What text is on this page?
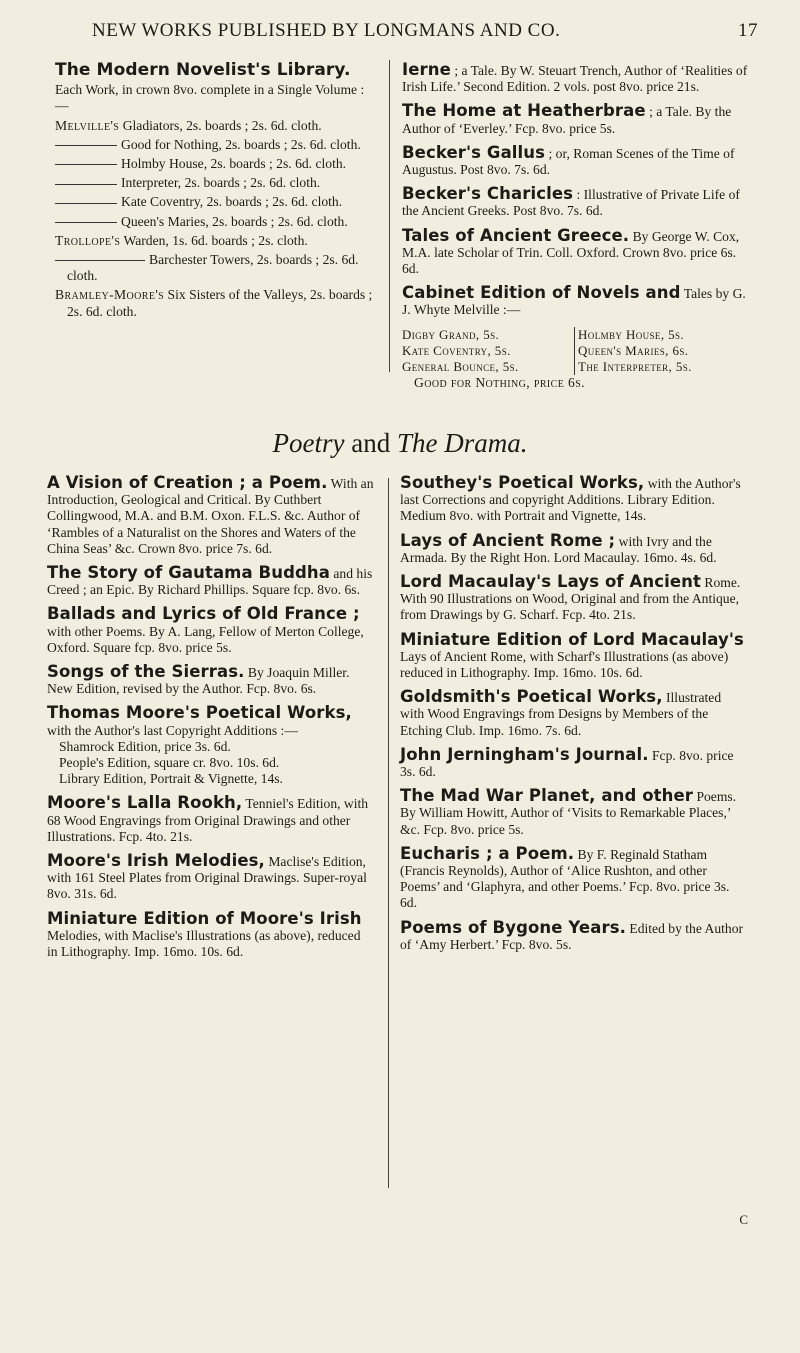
NEW WORKS PUBLISHED BY LONGMANS AND CO.	17

The Modern Novelist's Library.

Each Work, in crown 8vo. complete in a Single Volume :—

Melville's Gladiators, 2s. boards ; 2s. 6d. cloth.

Good for Nothing, 2s. boards ; 2s. 6d. cloth.

Holmby House, 2s. boards ; 2s. 6d. cloth.

Interpreter, 2s. boards ; 2s. 6d. cloth.

Kate Coventry, 2s. boards ; 2s. 6d. cloth.

Queen's Maries, 2s. boards ; 2s. 6d. cloth.

Trollope's Warden, 1s. 6d. boards ; 2s. cloth.

Barchester Towers, 2s. boards ; 2s. 6d. cloth.

Bramley-Moore's Six Sisters of the Valleys, 2s. boards ; 2s. 6d. cloth.

Ierne ; a Tale. By W. Steuart Trench, Author of ‘Realities of Irish Life.’ Second Edition. 2 vols. post 8vo. price 21s.

The Home at Heatherbrae ; a Tale. By the Author of ‘Everley.’ Fcp. 8vo. price 5s.

Becker's Gallus ; or, Roman Scenes of the Time of Augustus. Post 8vo. 7s. 6d.

Becker's Charicles : Illustrative of Private Life of the Ancient Greeks. Post 8vo. 7s. 6d.

Tales of Ancient Greece. By George W. Cox, M.A. late Scholar of Trin. Coll. Oxford. Crown 8vo. price 6s. 6d.

Cabinet Edition of Novels and Tales by G. J. Whyte Melville :—

Digby Grand, 5s.	Holmby House, 5s.
Kate Coventry, 5s.	Queen's Maries, 6s.
General Bounce, 5s.	The Interpreter, 5s.
Good for Nothing, price 6s.
Poetry and The Drama.

A Vision of Creation ; a Poem. With an Introduction, Geological and Critical. By Cuthbert Collingwood, M.A. and B.M. Oxon. F.L.S. &c. Author of ‘Rambles of a Naturalist on the Shores and Waters of the China Seas’ &c. Crown 8vo. price 7s. 6d.

The Story of Gautama Buddha and his Creed ; an Epic. By Richard Phillips. Square fcp. 8vo. 6s.

Ballads and Lyrics of Old France ; with other Poems. By A. Lang, Fellow of Merton College, Oxford. Square fcp. 8vo. price 5s.

Songs of the Sierras. By Joaquin Miller. New Edition, revised by the Author. Fcp. 8vo. 6s.

Thomas Moore's Poetical Works, with the Author's last Copyright Additions :—
Shamrock Edition, price 3s. 6d.
People's Edition, square cr. 8vo. 10s. 6d.
Library Edition, Portrait & Vignette, 14s.

Moore's Lalla Rookh, Tenniel's Edition, with 68 Wood Engravings from Original Drawings and other Illustrations. Fcp. 4to. 21s.

Moore's Irish Melodies, Maclise's Edition, with 161 Steel Plates from Original Drawings. Super-royal 8vo. 31s. 6d.

Miniature Edition of Moore's Irish Melodies, with Maclise's Illustrations (as above), reduced in Lithography. Imp. 16mo. 10s. 6d.

Southey's Poetical Works, with the Author's last Corrections and copyright Additions. Library Edition. Medium 8vo. with Portrait and Vignette, 14s.

Lays of Ancient Rome ; with Ivry and the Armada. By the Right Hon. Lord Macaulay. 16mo. 4s. 6d.

Lord Macaulay's Lays of Ancient Rome. With 90 Illustrations on Wood, Original and from the Antique, from Drawings by G. Scharf. Fcp. 4to. 21s.

Miniature Edition of Lord Macaulay's Lays of Ancient Rome, with Scharf's Illustrations (as above) reduced in Lithography. Imp. 16mo. 10s. 6d.

Goldsmith's Poetical Works, Illustrated with Wood Engravings from Designs by Members of the Etching Club. Imp. 16mo. 7s. 6d.

John Jerningham's Journal. Fcp. 8vo. price 3s. 6d.

The Mad War Planet, and other Poems. By William Howitt, Author of ‘Visits to Remarkable Places,’ &c. Fcp. 8vo. price 5s.

Eucharis ; a Poem. By F. Reginald Statham (Francis Reynolds), Author of ‘Alice Rushton, and other Poems’ and ‘Glaphyra, and other Poems.’ Fcp. 8vo. price 3s. 6d.

Poems of Bygone Years. Edited by the Author of ‘Amy Herbert.’ Fcp. 8vo. 5s.

C
